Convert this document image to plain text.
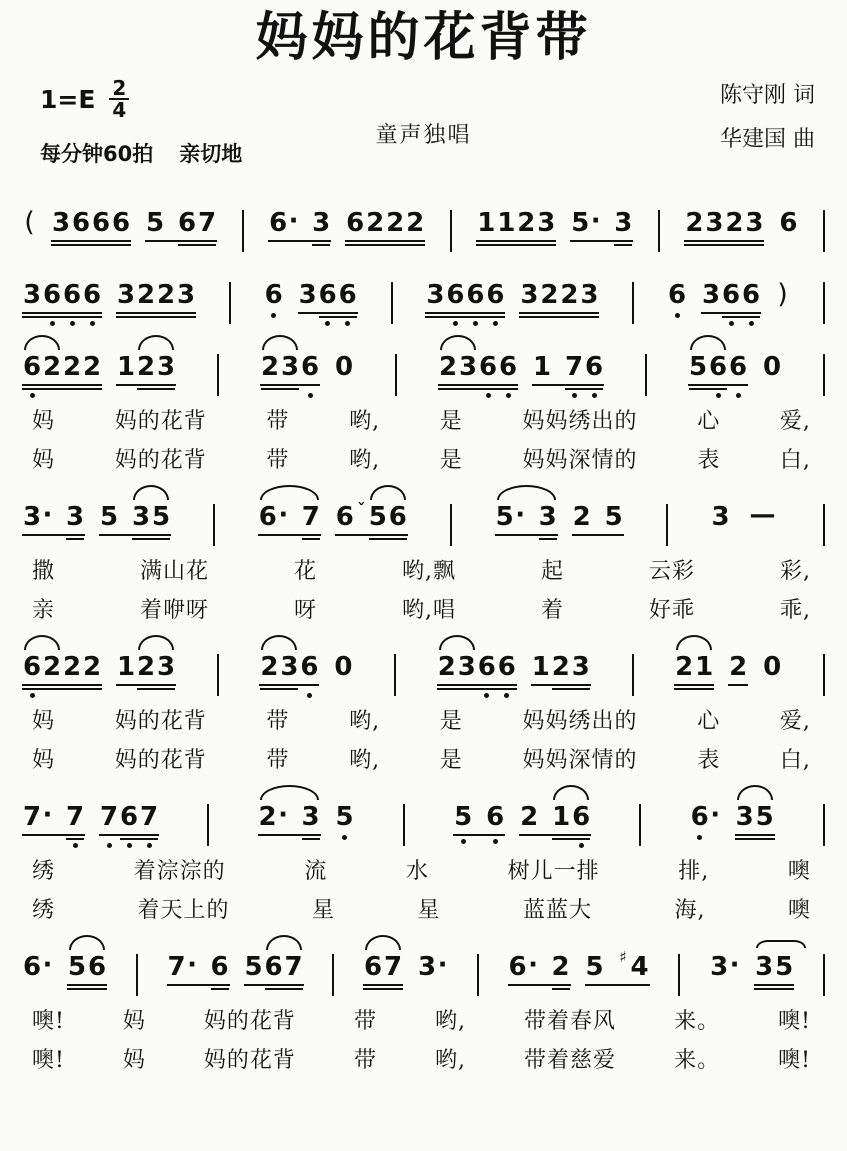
妈妈的花背带
$1=E \frac{2}{4}$
童声独唱
每分钟60拍 亲切地
陈守刚 词
华建国 曲
( 3 6 6 6 5 6 7 6 · 3 6 2 2 2 1 1 2 3 5 · 3 2 3 2 3 6
3 6 6 6 3 2 2 3	6 3 6 6	3 6 6 6 3 2 2 3	6 3 6 6 )
6 2 2 2 1 2 3	2 3 6 0	2 3 6 6 1 7 6	5 6 6 0
妈	妈的花背	带	哟,	是	妈妈绣出的	心	爱,
妈	妈的花背	带	哟,	是	妈妈深情的	表	白,
3 · 3 5 3 5	6 · 7 6 ˇ 5 6	5 · 3 2 5	3 —
撒	满山花	花	哟,飘	起	云彩	彩,
亲	着咿呀	呀	哟,唱	着	好乖	乖,
6 2 2 2 1 2 3	2 3 6 0	2 3 6 6 1 2 3	2 1 2 0
妈	妈的花背	带	哟,	是	妈妈绣出的	心	爱,
妈	妈的花背	带	哟,	是	妈妈深情的	表	白,
7 · 7 7 6 7	2 · 3 5	5 6 2 1 6	6 · 3 5
绣	着淙淙的	流	水	树儿一排	排,	噢
绣	着天上的	星	星	蓝蓝大	海,	噢
6 · 5 6 7 · 6 5 6 7 6 7 3 · 6 · 2 5 ♯ 4 3 · 3 5
噢!	妈	妈的花背	带	哟,	带着春风	来。	噢!
噢!	妈	妈的花背	带	哟,	带着慈爱	来。	噢!
